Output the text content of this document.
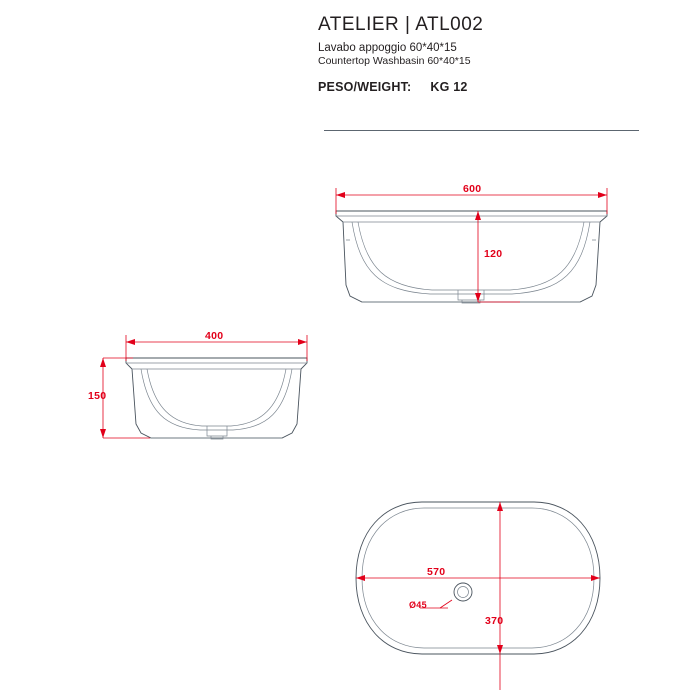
ATELIER | ATL002
Lavabo appoggio 60*40*15
Countertop Washbasin 60*40*15
PESO/WEIGHT: KG 12
600
120
400
150
570
370
Ø45
